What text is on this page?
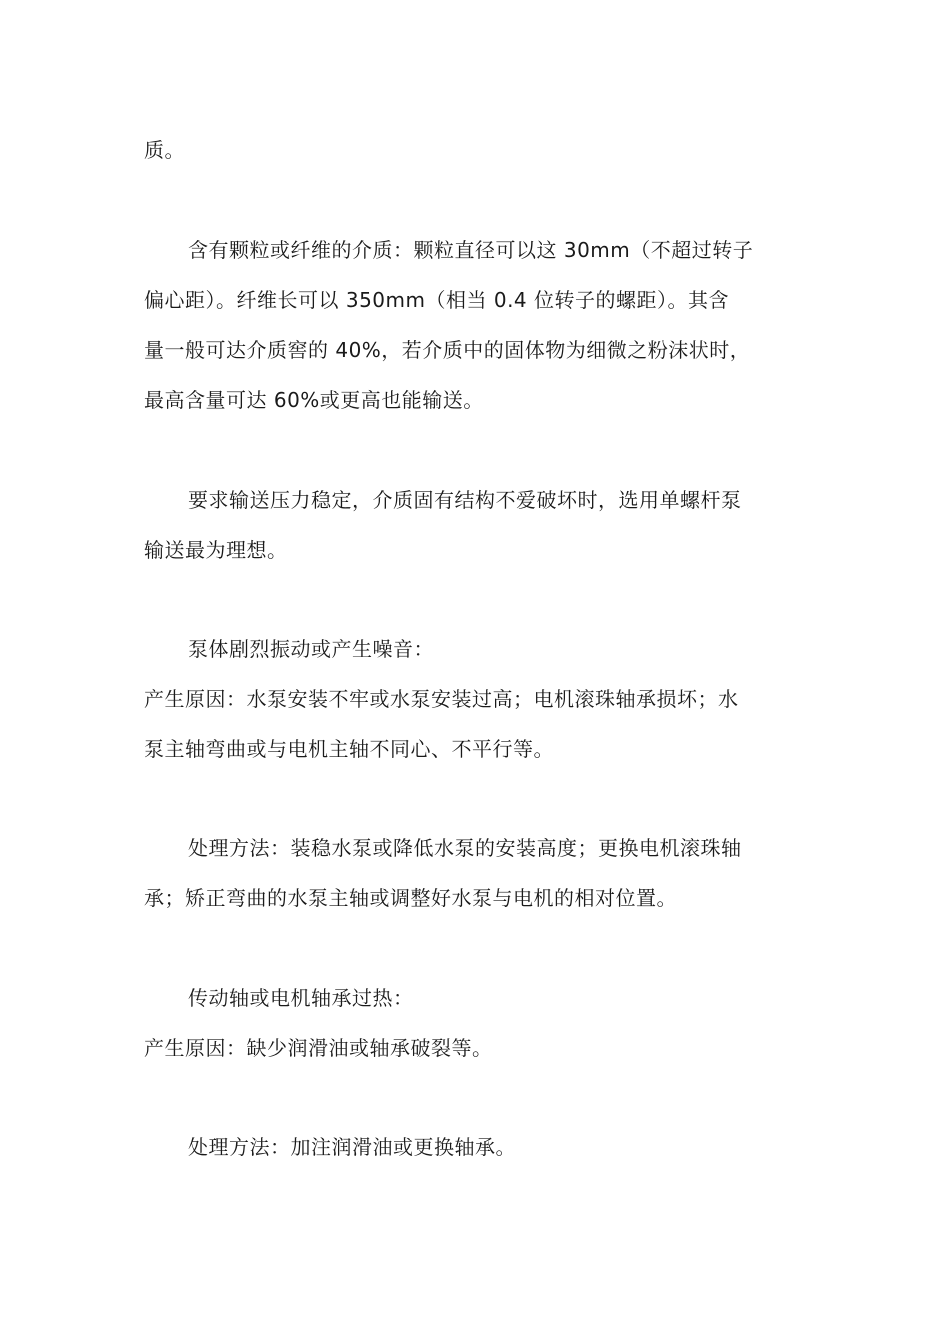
质。
含有颗粒或纤维的介质：颗粒直径可以这 30mm（不超过转子
偏心距）。纤维长可以 350mm（相当 0.4 位转子的螺距）。其含
量一般可达介质窖的 40%，若介质中的固体物为细微之粉沫状时，
最高含量可达 60%或更高也能输送。
要求输送压力稳定，介质固有结构不爱破坏时，选用单螺杆泵
输送最为理想。
泵体剧烈振动或产生噪音：
产生原因：水泵安装不牢或水泵安装过高；电机滚珠轴承损坏；水
泵主轴弯曲或与电机主轴不同心、不平行等。
处理方法：装稳水泵或降低水泵的安装高度；更换电机滚珠轴
承；矫正弯曲的水泵主轴或调整好水泵与电机的相对位置。
传动轴或电机轴承过热：
产生原因：缺少润滑油或轴承破裂等。
处理方法：加注润滑油或更换轴承。
